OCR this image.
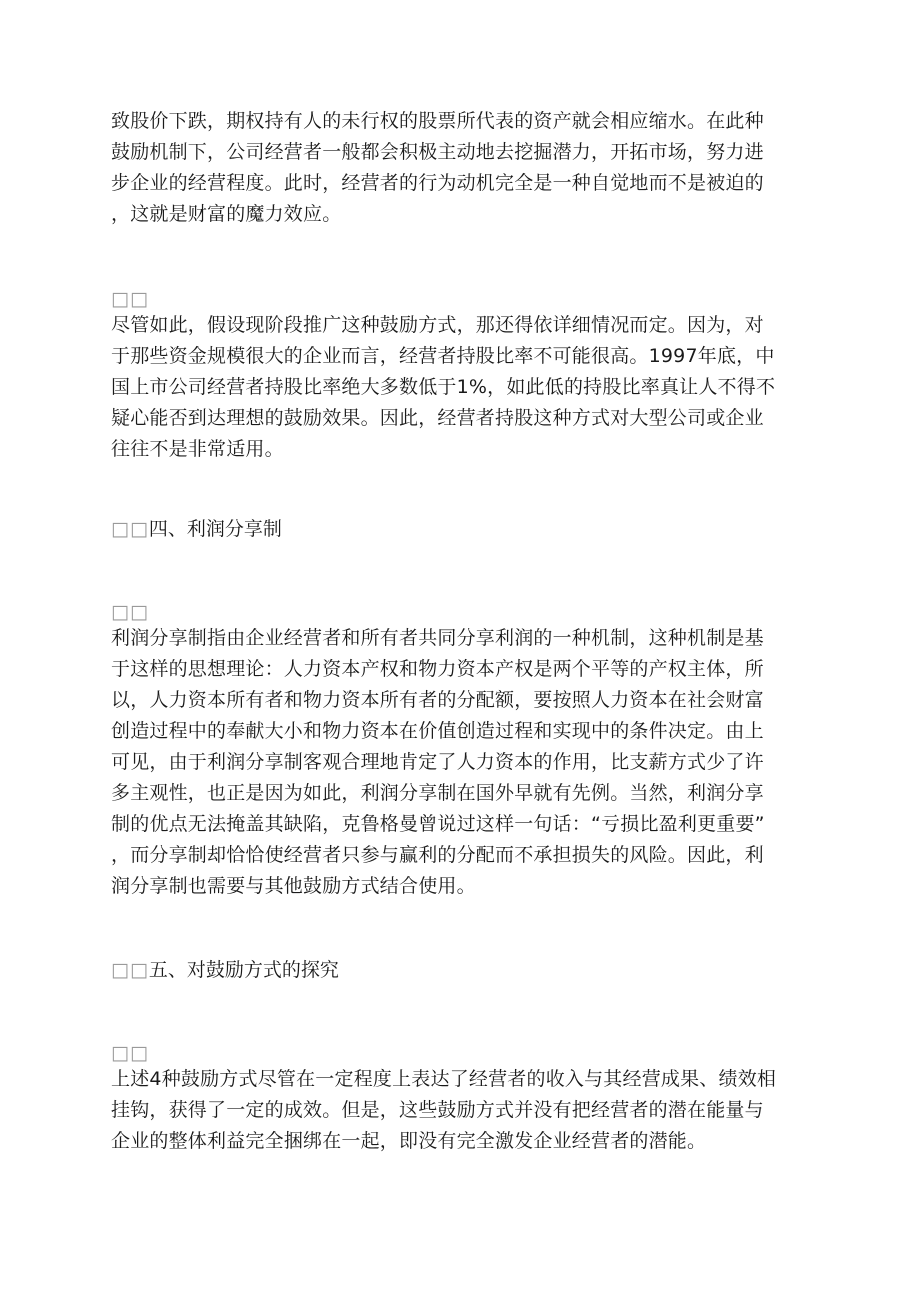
致股价下跌，期权持有人的未行权的股票所代表的资产就会相应缩水。在此种
鼓励机制下，公司经营者一般都会积极主动地去挖掘潜力，开拓市场，努力进
步企业的经营程度。此时，经营者的行为动机完全是一种自觉地而不是被迫的
，这就是财富的魔力效应。

□□

尽管如此，假设现阶段推广这种鼓励方式，那还得依详细情况而定。因为，对
于那些资金规模很大的企业而言，经营者持股比率不可能很高。1997年底，中
国上市公司经营者持股比率绝大多数低于1%，如此低的持股比率真让人不得不
疑心能否到达理想的鼓励效果。因此，经营者持股这种方式对大型公司或企业
往往不是非常适用。

□□四、利润分享制
□□

利润分享制指由企业经营者和所有者共同分享利润的一种机制，这种机制是基
于这样的思想理论：人力资本产权和物力资本产权是两个平等的产权主体，所
以，人力资本所有者和物力资本所有者的分配额，要按照人力资本在社会财富
创造过程中的奉献大小和物力资本在价值创造过程和实现中的条件决定。由上
可见，由于利润分享制客观合理地肯定了人力资本的作用，比支薪方式少了许
多主观性，也正是因为如此，利润分享制在国外早就有先例。当然，利润分享
制的优点无法掩盖其缺陷，克鲁格曼曾说过这样一句话：“亏损比盈利更重要”
，而分享制却恰恰使经营者只参与赢利的分配而不承担损失的风险。因此，利
润分享制也需要与其他鼓励方式结合使用。

□□五、对鼓励方式的探究
□□

上述4种鼓励方式尽管在一定程度上表达了经营者的收入与其经营成果、绩效相
挂钩，获得了一定的成效。但是，这些鼓励方式并没有把经营者的潜在能量与
企业的整体利益完全捆绑在一起，即没有完全激发企业经营者的潜能。
